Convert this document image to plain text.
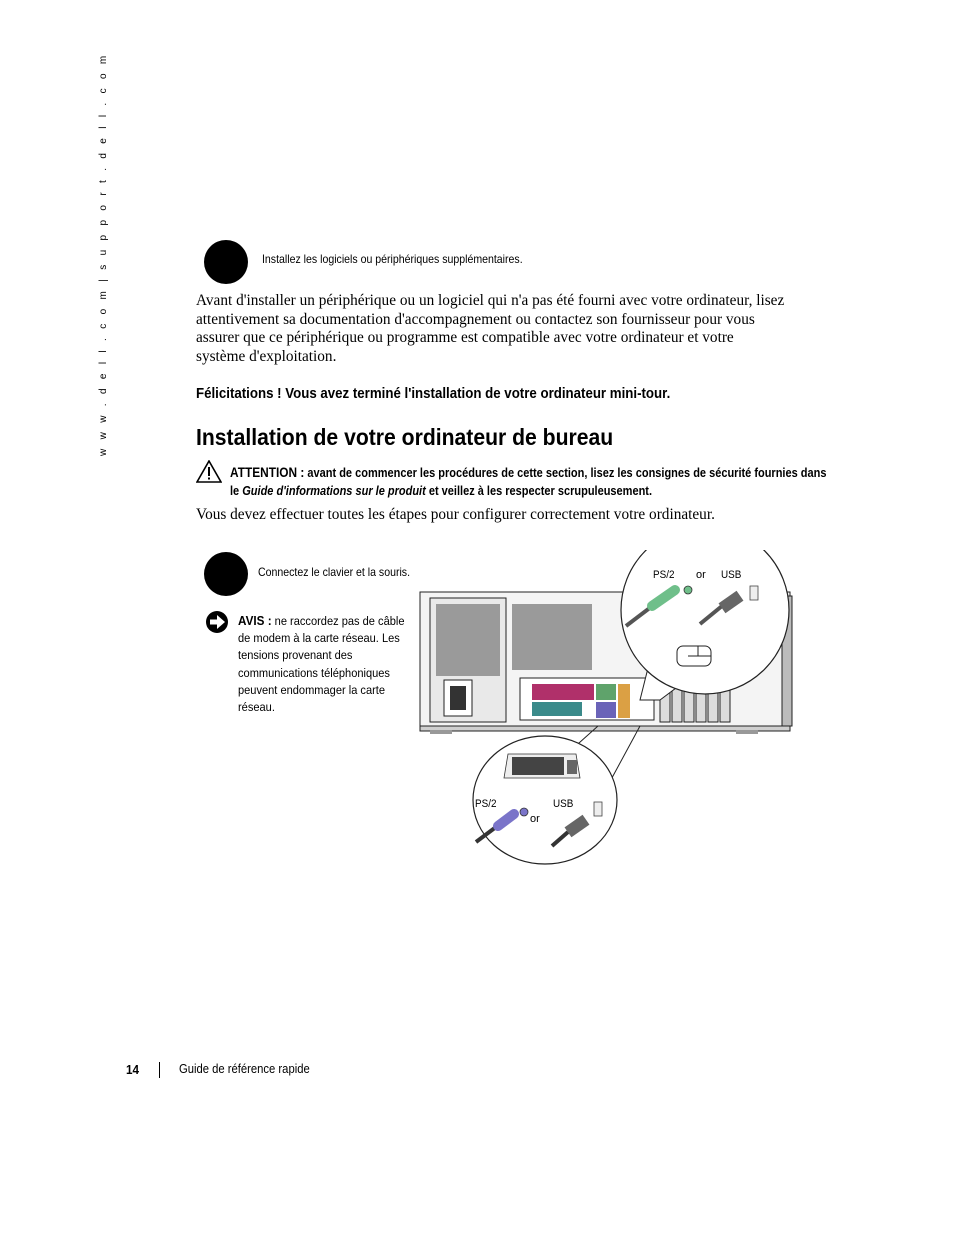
w w w . d e l l . c o m | s u p p o r t . d e l l . c o m	Installez les logiciels ou périphériques supplémentaires.
Avant d'installer un périphérique ou un logiciel qui n'a pas été fourni avec votre ordinateur, lisez attentivement sa documentation d'accompagnement ou contactez son fournisseur pour vous assurer que ce périphérique ou programme est compatible avec votre ordinateur et votre système d'exploitation.
Félicitations ! Vous avez terminé l'installation de votre ordinateur mini-tour.
Installation de votre ordinateur de bureau
ATTENTION : avant de commencer les procédures de cette section, lisez les consignes de sécurité fournies dans le Guide d'informations sur le produit et veillez à les respecter scrupuleusement.
Vous devez effectuer toutes les étapes pour configurer correctement votre ordinateur.
Connectez le clavier et la souris.
AVIS : ne raccordez pas de câble de modem à la carte réseau. Les tensions provenant des communications téléphoniques peuvent endommager la carte réseau.
PS/2 or USB
PS/2
or
USB
14	Guide de référence rapide
